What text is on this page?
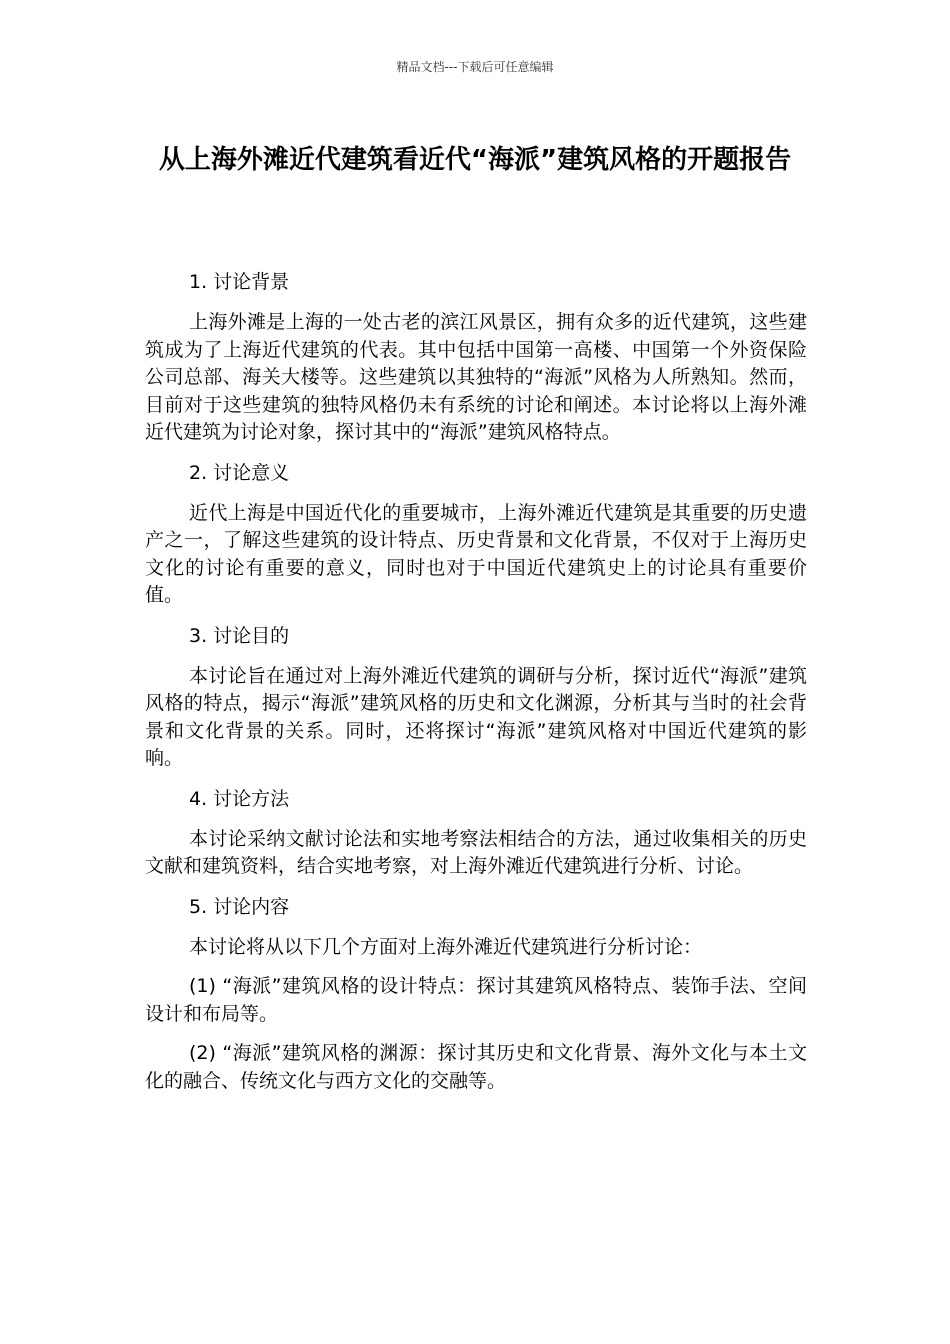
精品文档---下载后可任意编辑
从上海外滩近代建筑看近代“海派”建筑风格的开题报告

1. 讨论背景

上海外滩是上海的一处古老的滨江风景区，拥有众多的近代建筑，这些建筑成为了上海近代建筑的代表。其中包括中国第一高楼、中国第一个外资保险公司总部、海关大楼等。这些建筑以其独特的“海派”风格为人所熟知。然而，目前对于这些建筑的独特风格仍未有系统的讨论和阐述。本讨论将以上海外滩近代建筑为讨论对象，探讨其中的“海派”建筑风格特点。

2. 讨论意义

近代上海是中国近代化的重要城市，上海外滩近代建筑是其重要的历史遗产之一，了解这些建筑的设计特点、历史背景和文化背景，不仅对于上海历史文化的讨论有重要的意义，同时也对于中国近代建筑史上的讨论具有重要价值。

3. 讨论目的

本讨论旨在通过对上海外滩近代建筑的调研与分析，探讨近代“海派”建筑风格的特点，揭示“海派”建筑风格的历史和文化渊源，分析其与当时的社会背景和文化背景的关系。同时，还将探讨“海派”建筑风格对中国近代建筑的影响。

4. 讨论方法

本讨论采纳文献讨论法和实地考察法相结合的方法，通过收集相关的历史文献和建筑资料，结合实地考察，对上海外滩近代建筑进行分析、讨论。

5. 讨论内容

本讨论将从以下几个方面对上海外滩近代建筑进行分析讨论：

(1) “海派”建筑风格的设计特点：探讨其建筑风格特点、装饰手法、空间设计和布局等。

(2) “海派”建筑风格的渊源：探讨其历史和文化背景、海外文化与本土文化的融合、传统文化与西方文化的交融等。
